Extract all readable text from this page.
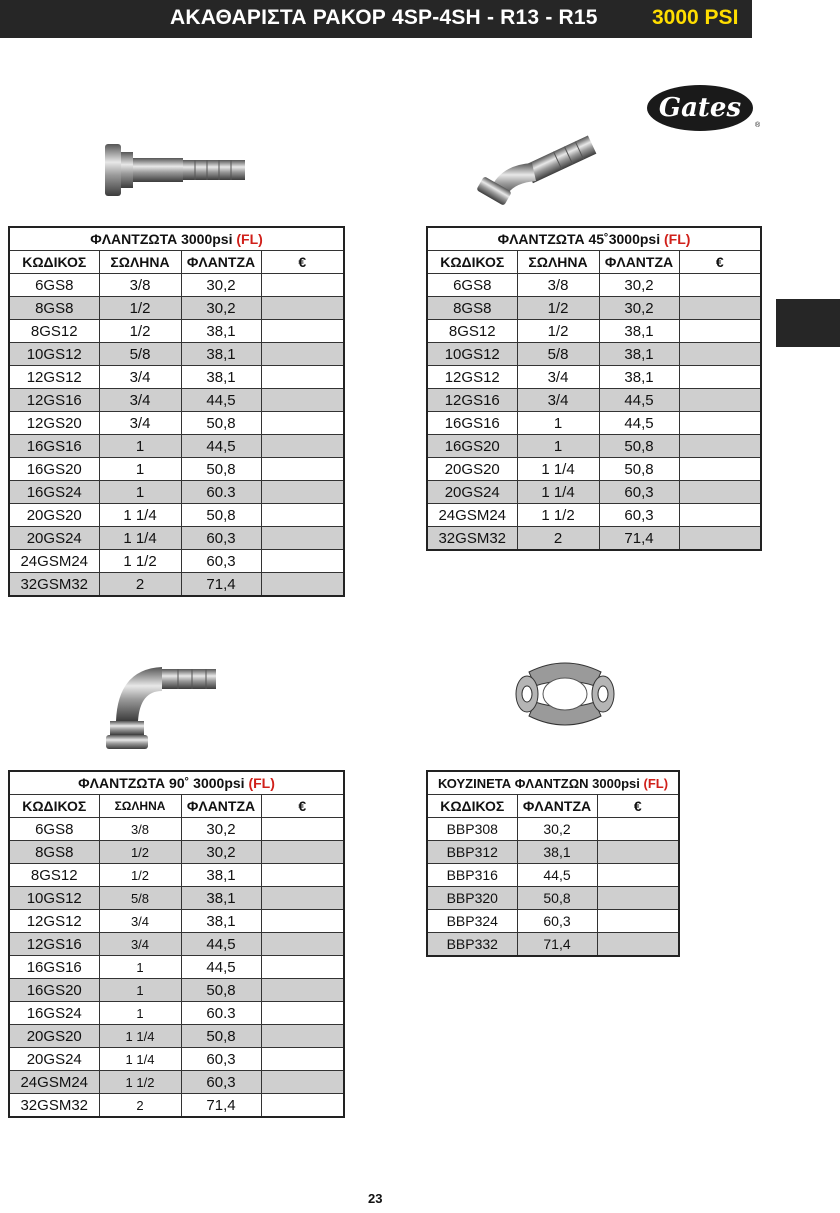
ΑΚΑΘΑΡΙΣΤΑ ΡΑΚΟΡ 4SP-4SH - R13 - R15	3000 PSI
Gates
®
ΦΛΑΝΤΖΩΤΑ 3000psi (FL)			
ΚΩΔΙΚΟΣ	ΣΩΛΗΝΑ	ΦΛΑΝΤΖΑ	€
6GS8	3/8	30,2	
8GS8	1/2	30,2	
8GS12	1/2	38,1	
10GS12	5/8	38,1	
12GS12	3/4	38,1	
12GS16	3/4	44,5	
12GS20	3/4	50,8	
16GS16	1	44,5	
16GS20	1	50,8	
16GS24	1	60.3	
20GS20	1 1/4	50,8	
20GS24	1 1/4	60,3	
24GSM24	1 1/2	60,3	
32GSM32	2	71,4	
ΦΛΑΝΤΖΩΤΑ 45˚3000psi (FL)			
ΚΩΔΙΚΟΣ	ΣΩΛΗΝΑ	ΦΛΑΝΤΖΑ	€
6GS8	3/8	30,2	
8GS8	1/2	30,2	
8GS12	1/2	38,1	
10GS12	5/8	38,1	
12GS12	3/4	38,1	
12GS16	3/4	44,5	
16GS16	1	44,5	
16GS20	1	50,8	
20GS20	1 1/4	50,8	
20GS24	1 1/4	60,3	
24GSM24	1 1/2	60,3	
32GSM32	2	71,4	
ΦΛΑΝΤΖΩΤΑ 90˚ 3000psi (FL)			
ΚΩΔΙΚΟΣ	ΣΩΛΗΝΑ	ΦΛΑΝΤΖΑ	€
6GS8	3/8	30,2	
8GS8	1/2	30,2	
8GS12	1/2	38,1	
10GS12	5/8	38,1	
12GS12	3/4	38,1	
12GS16	3/4	44,5	
16GS16	1	44,5	
16GS20	1	50,8	
16GS24	1	60.3	
20GS20	1 1/4	50,8	
20GS24	1 1/4	60,3	
24GSM24	1 1/2	60,3	
32GSM32	2	71,4	
ΚΟΥΖΙΝΕΤΑ ΦΛΑΝΤΖΩΝ 3000psi (FL)		
ΚΩΔΙΚΟΣ	ΦΛΑΝΤΖΑ	€
BBP308	30,2	
BBP312	38,1	
BBP316	44,5	
BBP320	50,8	
BBP324	60,3	
BBP332	71,4	
23
